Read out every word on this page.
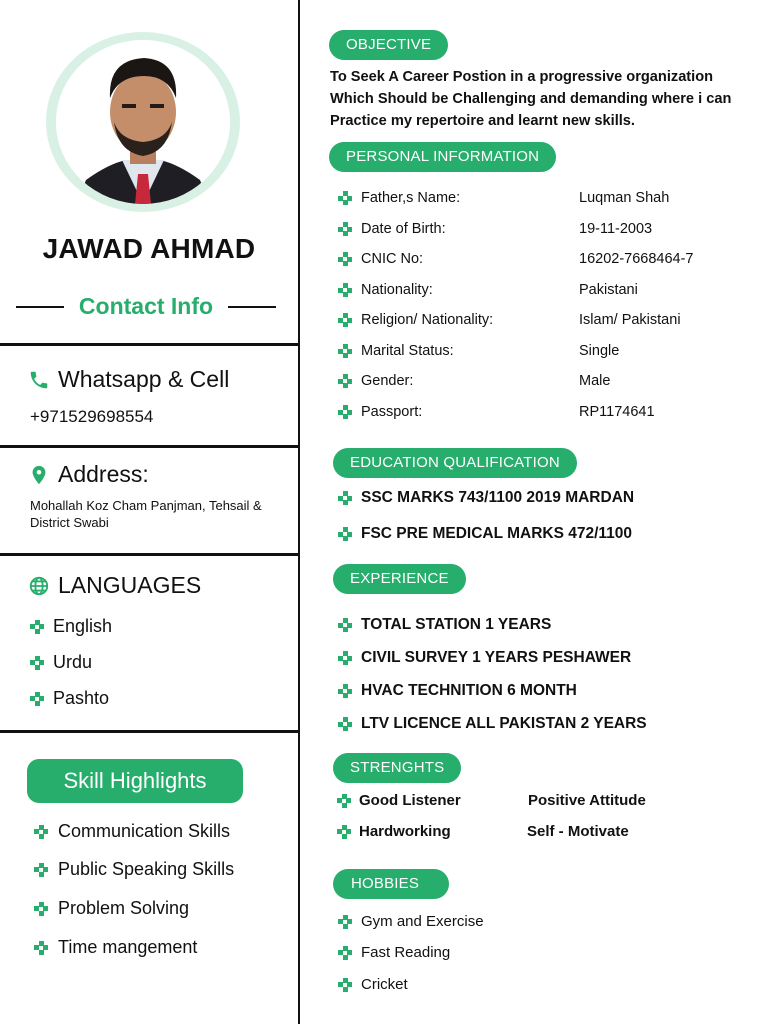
JAWAD AHMAD
Contact Info
Whatsapp & Cell
+971529698554
Address:
Mohallah Koz Cham Panjman, Tehsail & District Swabi
LANGUAGES
English
Urdu
Pashto
Skill Highlights
Communication Skills
Public Speaking Skills
Problem Solving
Time mangement
OBJECTIVE
To Seek A Career Postion in a progressive organization Which Should be Challenging and demanding where i can Practice my repertoire and learnt new skills.
PERSONAL INFORMATION
Father,s Name:	Luqman Shah
Date of Birth:	19-11-2003
CNIC No:	16202-7668464-7
Nationality:	Pakistani
Religion/ Nationality:	Islam/ Pakistani
Marital Status:	Single
Gender:	Male
Passport:	RP1174641
EDUCATION QUALIFICATION
SSC MARKS 743/1100 2019 MARDAN
FSC PRE MEDICAL MARKS 472/1100
EXPERIENCE
TOTAL STATION 1 YEARS
CIVIL SURVEY 1 YEARS PESHAWER
HVAC TECHNITION 6 MONTH
LTV LICENCE ALL PAKISTAN 2 YEARS
STRENGHTS
Good Listener	Positive Attitude
Hardworking	Self - Motivate
HOBBIES
Gym and Exercise
Fast Reading
Cricket
